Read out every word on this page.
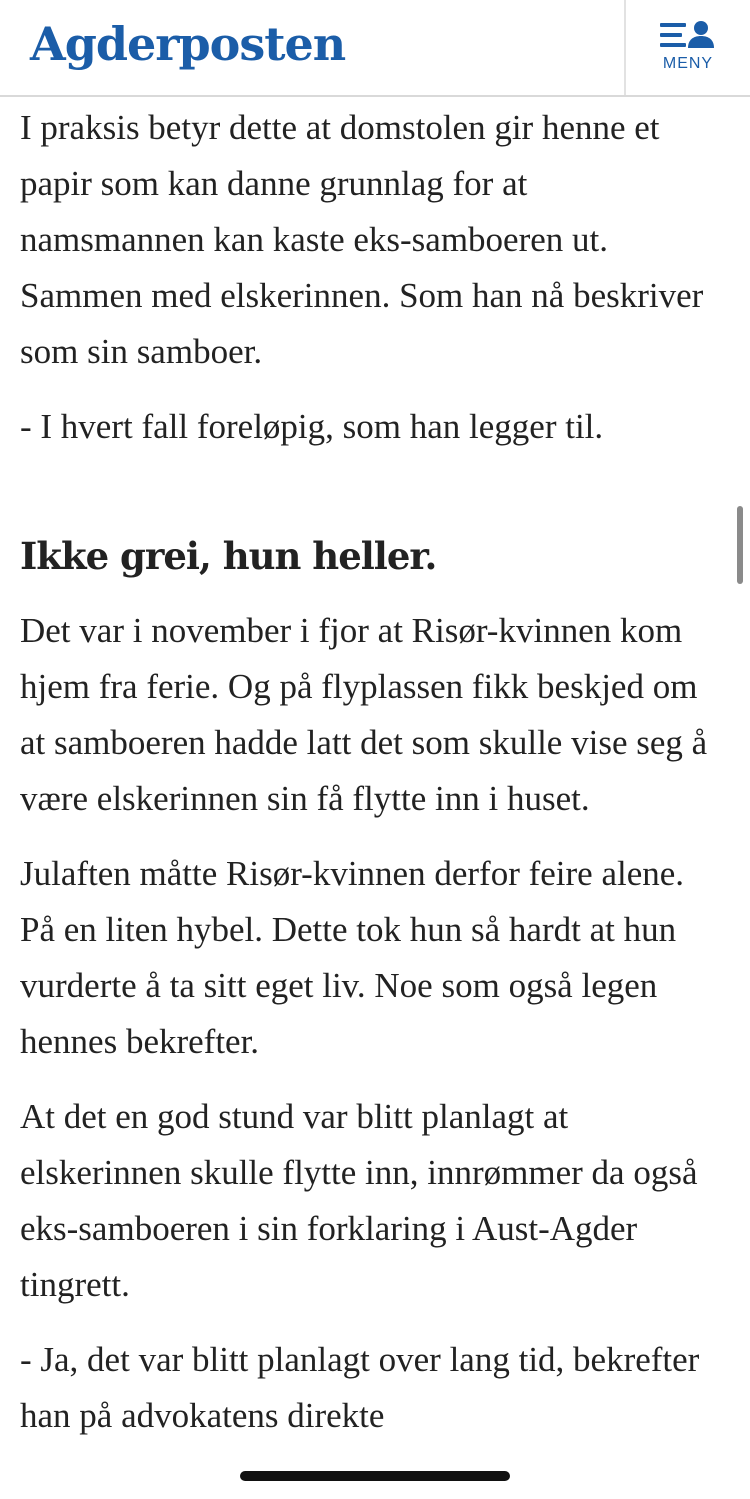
Agderposten	MENY

I praksis betyr dette at domstolen gir henne et papir som kan danne grunnlag for at namsmannen kan kaste eks-samboeren ut. Sammen med elskerinnen. Som han nå beskriver som sin samboer.

- I hvert fall foreløpig, som han legger til.

Ikke grei, hun heller.

Det var i november i fjor at Risør-kvinnen kom hjem fra ferie. Og på flyplassen fikk beskjed om at samboeren hadde latt det som skulle vise seg å være elskerinnen sin få flytte inn i huset.

Julaften måtte Risør-kvinnen derfor feire alene. På en liten hybel. Dette tok hun så hardt at hun vurderte å ta sitt eget liv. Noe som også legen hennes bekrefter.

At det en god stund var blitt planlagt at elskerinnen skulle flytte inn, innrømmer da også eks-samboeren i sin forklaring i Aust-Agder tingrett.

- Ja, det var blitt planlagt over lang tid, bekrefter han på advokatens direkte
